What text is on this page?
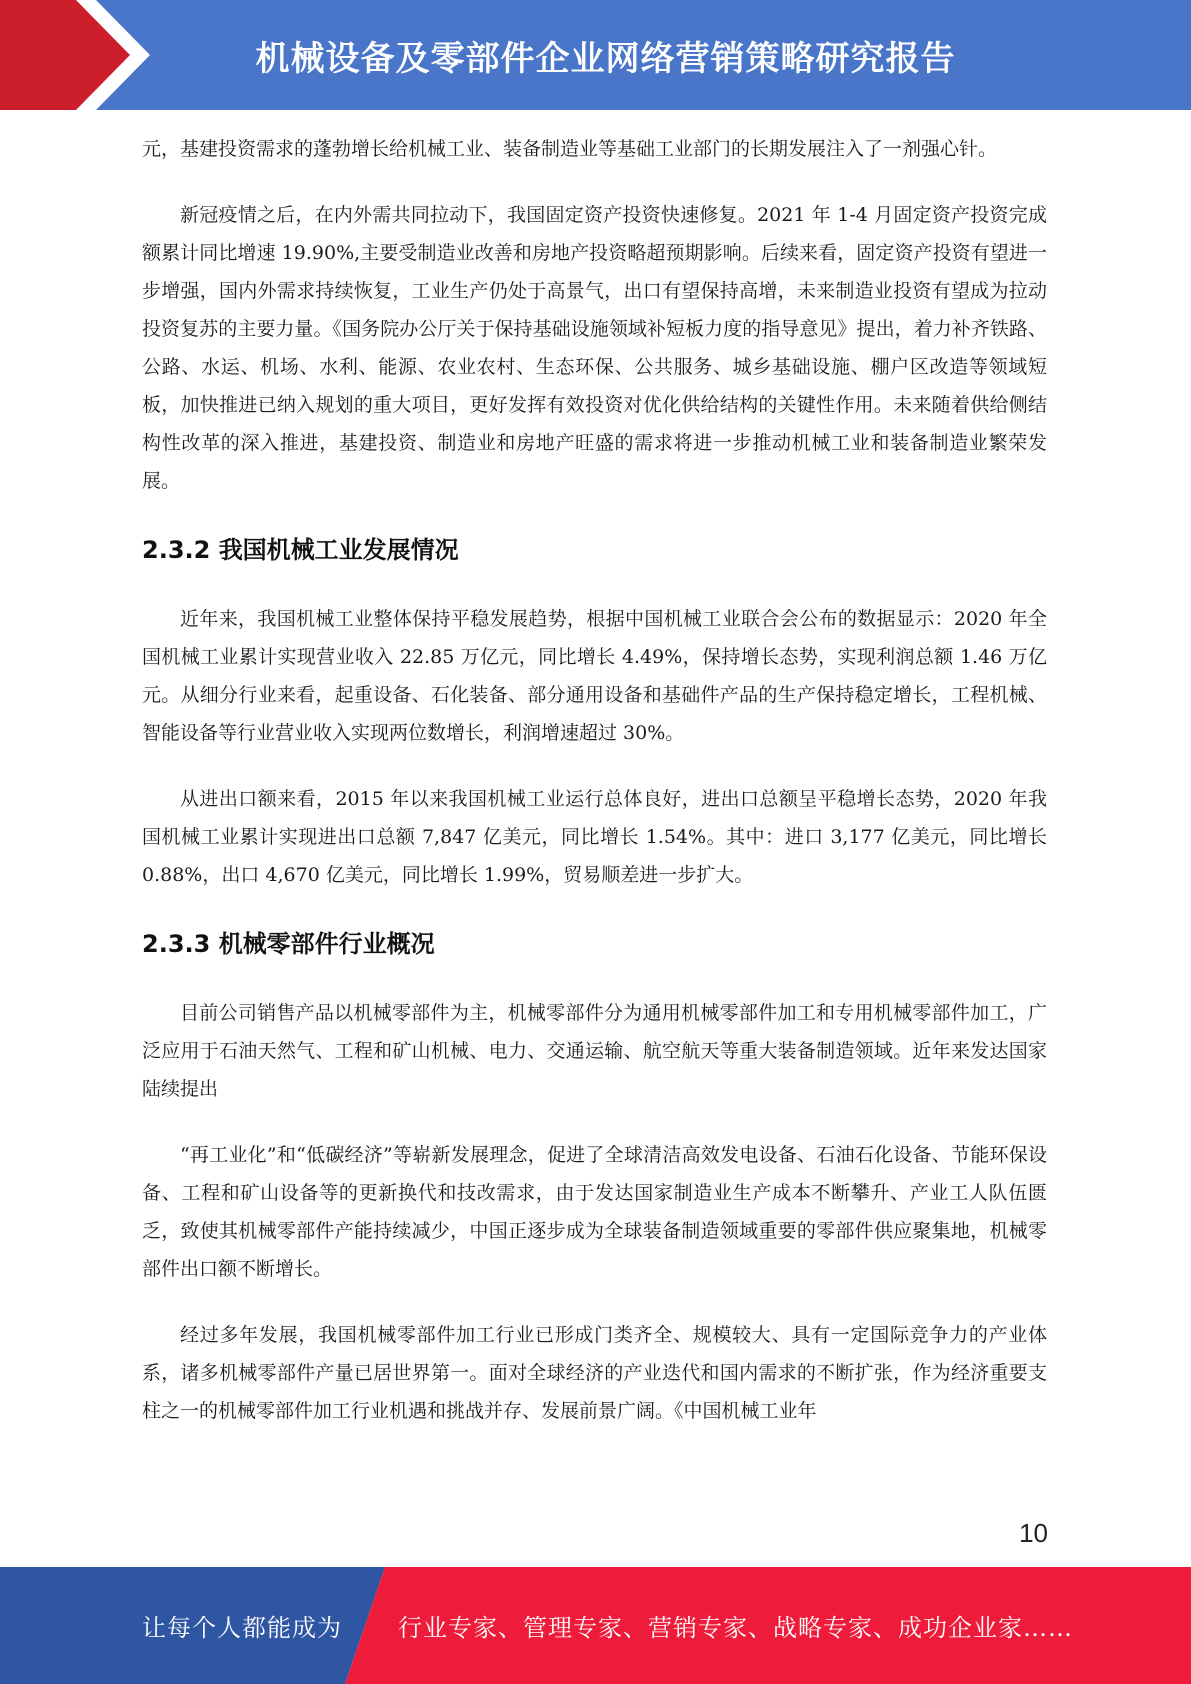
机械设备及零部件企业网络营销策略研究报告

元，基建投资需求的蓬勃增长给机械工业、装备制造业等基础工业部门的长期发展注入了一剂强心针。

新冠疫情之后，在内外需共同拉动下，我国固定资产投资快速修复。2021 年 1-4 月固定资产投资完成额累计同比增速 19.90%,主要受制造业改善和房地产投资略超预期影响。后续来看，固定资产投资有望进一步增强，国内外需求持续恢复，工业生产仍处于高景气，出口有望保持高增，未来制造业投资有望成为拉动投资复苏的主要力量。《国务院办公厅关于保持基础设施领域补短板力度的指导意见》提出，着力补齐铁路、公路、水运、机场、水利、能源、农业农村、生态环保、公共服务、城乡基础设施、棚户区改造等领域短板，加快推进已纳入规划的重大项目，更好发挥有效投资对优化供给结构的关键性作用。未来随着供给侧结构性改革的深入推进，基建投资、制造业和房地产旺盛的需求将进一步推动机械工业和装备制造业繁荣发展。

2.3.2 我国机械工业发展情况

近年来，我国机械工业整体保持平稳发展趋势，根据中国机械工业联合会公布的数据显示：2020 年全国机械工业累计实现营业收入 22.85 万亿元，同比增长 4.49%，保持增长态势，实现利润总额 1.46 万亿元。从细分行业来看，起重设备、石化装备、部分通用设备和基础件产品的生产保持稳定增长，工程机械、智能设备等行业营业收入实现两位数增长，利润增速超过 30%。

从进出口额来看，2015 年以来我国机械工业运行总体良好，进出口总额呈平稳增长态势，2020 年我国机械工业累计实现进出口总额 7,847 亿美元，同比增长 1.54%。其中：进口 3,177 亿美元，同比增长 0.88%，出口 4,670 亿美元，同比增长 1.99%，贸易顺差进一步扩大。

2.3.3 机械零部件行业概况

目前公司销售产品以机械零部件为主，机械零部件分为通用机械零部件加工和专用机械零部件加工，广泛应用于石油天然气、工程和矿山机械、电力、交通运输、航空航天等重大装备制造领域。近年来发达国家陆续提出

“再工业化”和“低碳经济”等崭新发展理念，促进了全球清洁高效发电设备、石油石化设备、节能环保设备、工程和矿山设备等的更新换代和技改需求，由于发达国家制造业生产成本不断攀升、产业工人队伍匮乏，致使其机械零部件产能持续减少，中国正逐步成为全球装备制造领域重要的零部件供应聚集地，机械零部件出口额不断增长。

经过多年发展，我国机械零部件加工行业已形成门类齐全、规模较大、具有一定国际竞争力的产业体系，诸多机械零部件产量已居世界第一。面对全球经济的产业迭代和国内需求的不断扩张，作为经济重要支柱之一的机械零部件加工行业机遇和挑战并存、发展前景广阔。《中国机械工业年

10
让每个人都能成为 行业专家、管理专家、营销专家、战略专家、成功企业家……
